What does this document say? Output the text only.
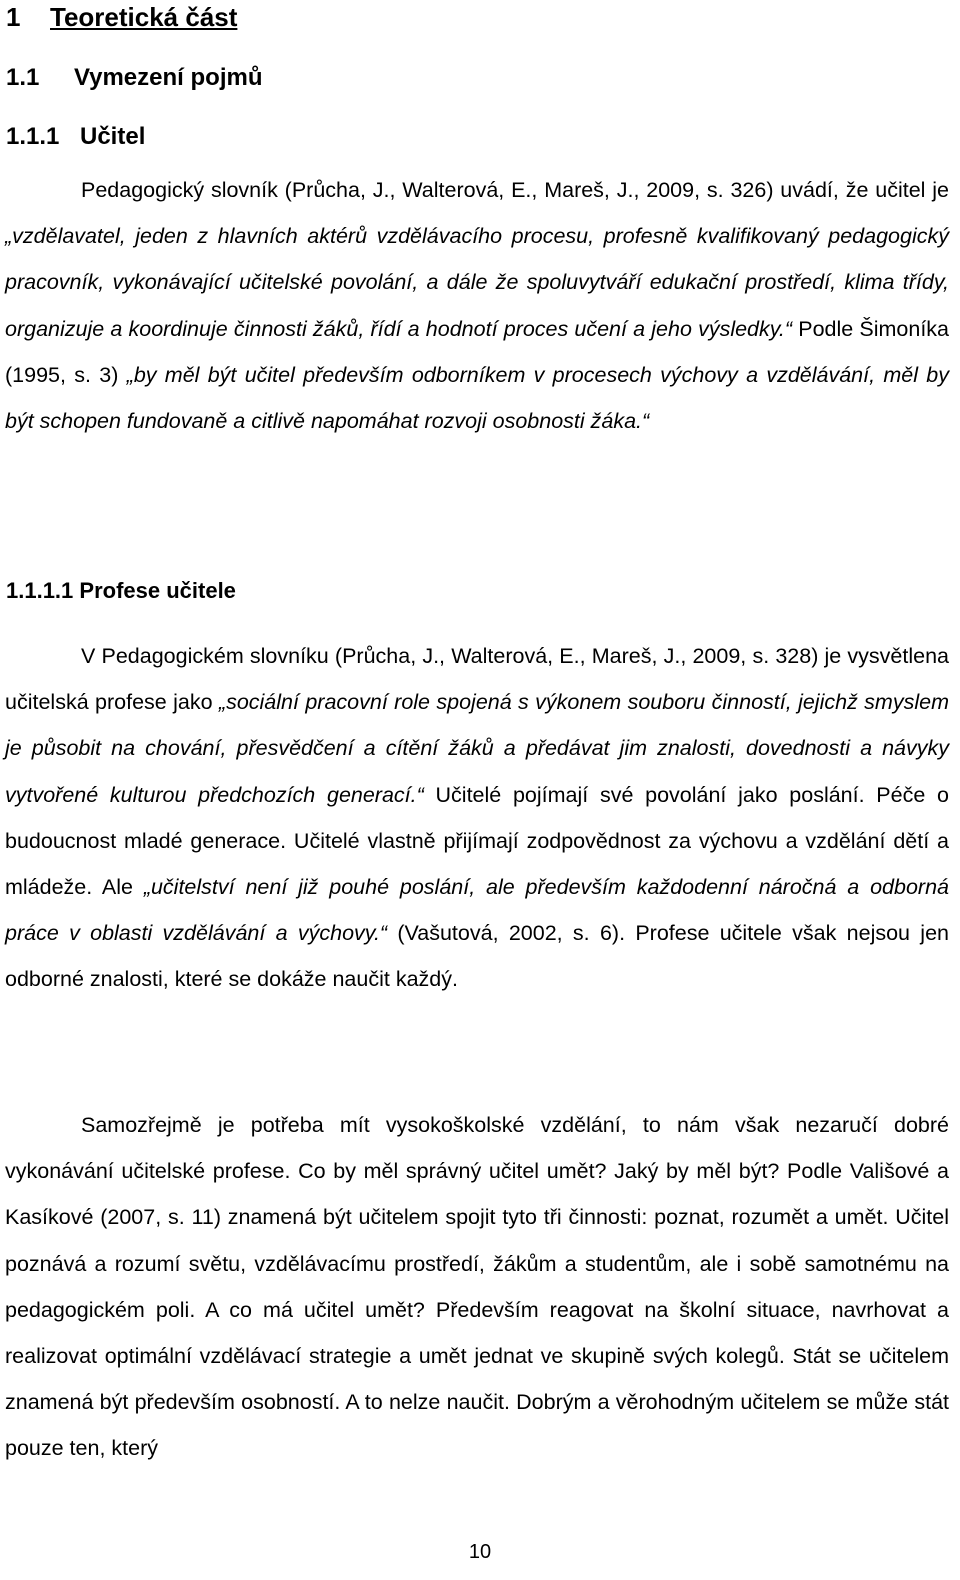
1 Teoretická část
1.1 Vymezení pojmů
1.1.1 Učitel

Pedagogický slovník (Průcha, J., Walterová, E., Mareš, J., 2009, s. 326) uvádí, že učitel je „vzdělavatel, jeden z hlavních aktérů vzdělávacího procesu, profesně kvalifikovaný pedagogický pracovník, vykonávající učitelské povolání, a dále že spoluvytváří edukační prostředí, klima třídy, organizuje a koordinuje činnosti žáků, řídí a hodnotí proces učení a jeho výsledky.“ Podle Šimoníka (1995, s. 3) „by měl být učitel především odborníkem v procesech výchovy a vzdělávání, měl by být schopen fundovaně a citlivě napomáhat rozvoji osobnosti žáka.“

1.1.1.1 Profese učitele

V Pedagogickém slovníku (Průcha, J., Walterová, E., Mareš, J., 2009, s. 328) je vysvětlena učitelská profese jako „sociální pracovní role spojená s výkonem souboru činností, jejichž smyslem je působit na chování, přesvědčení a cítění žáků a předávat jim znalosti, dovednosti a návyky vytvořené kulturou předchozích generací.“ Učitelé pojímají své povolání jako poslání. Péče o budoucnost mladé generace. Učitelé vlastně přijímají zodpovědnost za výchovu a vzdělání dětí a mládeže. Ale „učitelství není již pouhé poslání, ale především každodenní náročná a odborná práce v oblasti vzdělávání a výchovy.“ (Vašutová, 2002, s. 6). Profese učitele však nejsou jen odborné znalosti, které se dokáže naučit každý.

Samozřejmě je potřeba mít vysokoškolské vzdělání, to nám však nezaručí dobré vykonávání učitelské profese. Co by měl správný učitel umět? Jaký by měl být? Podle Vališové a Kasíkové (2007, s. 11) znamená být učitelem spojit tyto tři činnosti: poznat, rozumět a umět. Učitel poznává a rozumí světu, vzdělávacímu prostředí, žákům a studentům, ale i sobě samotnému na pedagogickém poli. A co má učitel umět? Především reagovat na školní situace, navrhovat a realizovat optimální vzdělávací strategie a umět jednat ve skupině svých kolegů. Stát se učitelem znamená být především osobností. A to nelze naučit. Dobrým a věrohodným učitelem se může stát pouze ten, který

10
